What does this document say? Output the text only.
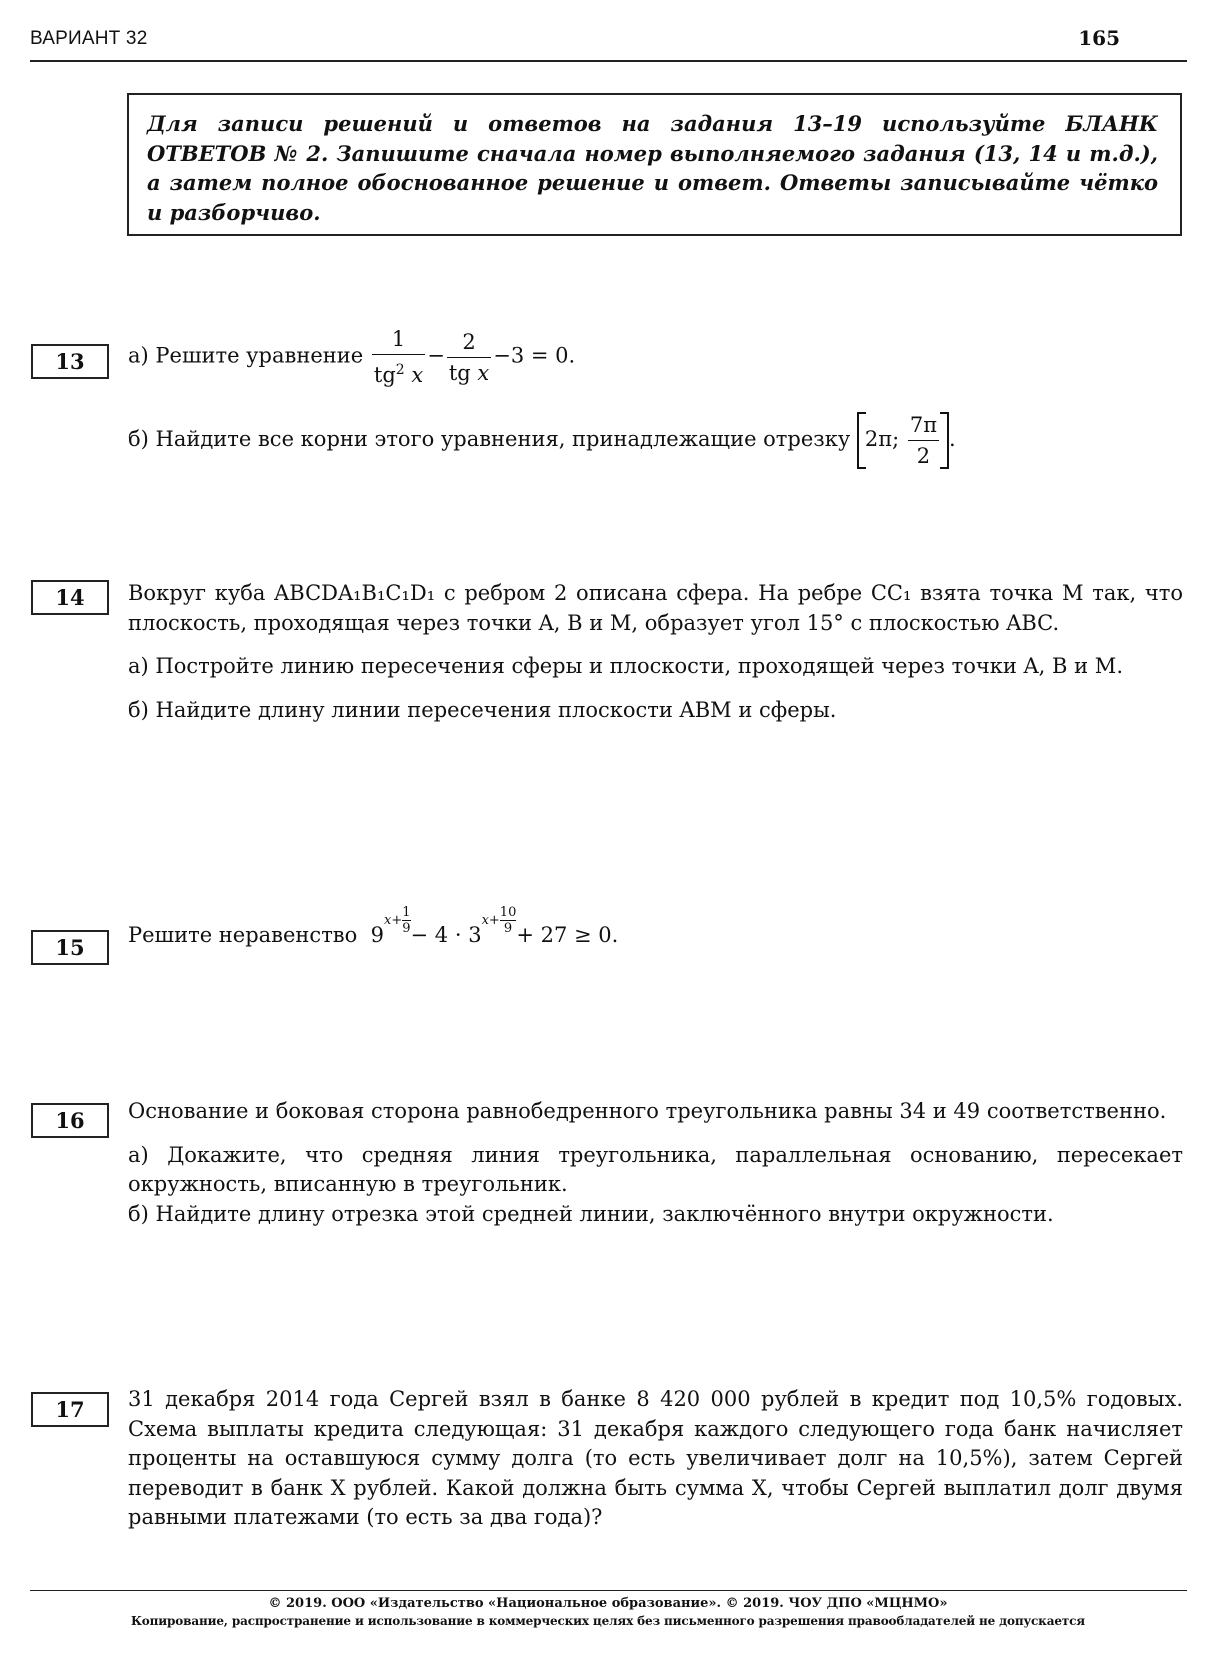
ВАРИАНТ 32	165
Для записи решений и ответов на задания 13–19 используйте БЛАНК ОТВЕТОВ № 2. Запишите сначала номер выполняемого задания (13, 14 и т.д.), а затем полное обоснованное решение и ответ. Ответы записывайте чётко и разборчиво.
13	а) Решите уравнение $\frac{1}{tg^2 x} - \frac{2}{\text{tg x}} -3 = 0$.
б) Найдите все корни этого уравнения, принадлежащие отрезку 2π; $\frac{7\pi}{2}$ .
14	Вокруг куба ABCDA₁B₁C₁D₁ с ребром 2 описана сфера. На ребре CC₁ взята точка M так, что плоскость, проходящая через точки A, B и M, образует угол 15° с плоскостью ABC.

а) Постройте линию пересечения сферы и плоскости, проходящей через точки A, B и M.

б) Найдите длину линии пересечения плоскости ABM и сферы.

15	Решите неравенство $9x+ \frac{1}{9} - 4 \cdot 3x+ \frac{10}{9} + 27 \ge 0$.
16	Основание и боковая сторона равнобедренного треугольника равны 34 и 49 соответственно.

а) Докажите, что средняя линия треугольника, параллельная основанию, пересекает окружность, вписанную в треугольник.

б) Найдите длину отрезка этой средней линии, заключённого внутри окружности.

17	31 декабря 2014 года Сергей взял в банке 8 420 000 рублей в кредит под 10,5% годовых. Схема выплаты кредита следующая: 31 декабря каждого следующего года банк начисляет проценты на оставшуюся сумму долга (то есть увеличивает долг на 10,5%), затем Сергей переводит в банк X рублей. Какой должна быть сумма X, чтобы Сергей выплатил долг двумя равными платежами (то есть за два года)?

© 2019. ООО «Издательство «Национальное образование». © 2019. ЧОУ ДПО «МЦНМО»
Копирование, распространение и использование в коммерческих целях без письменного разрешения правообладателей не допускается
